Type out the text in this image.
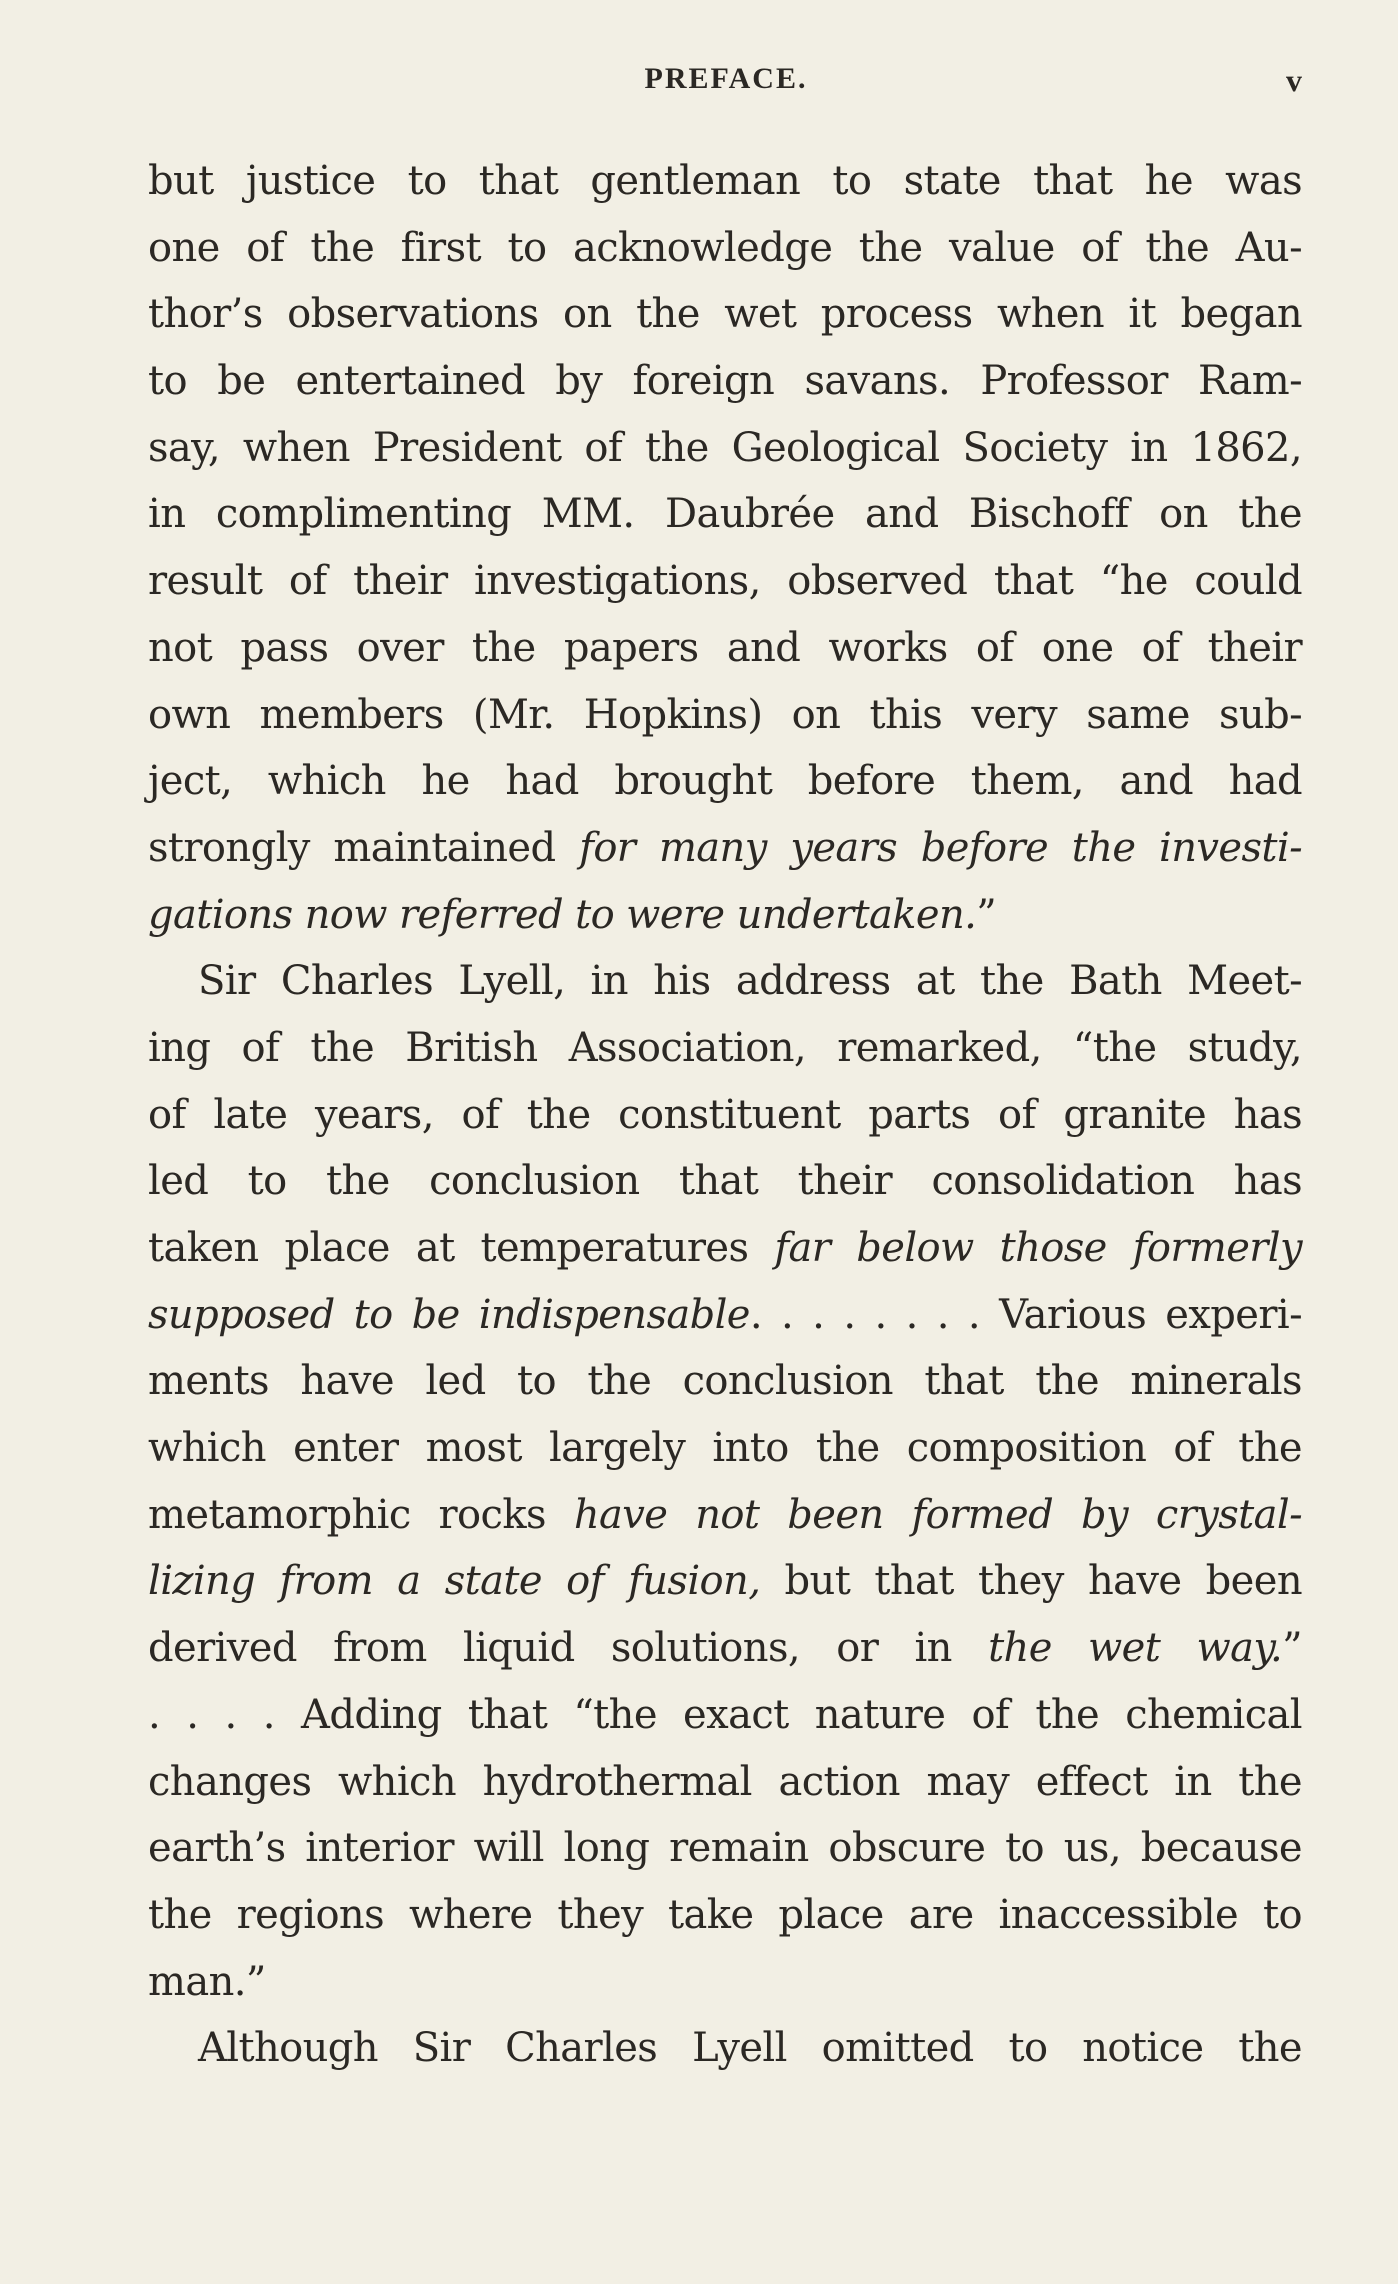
PREFACE.	v
but justice to that gentleman to state that he was
one of the first to acknowledge the value of the Au-
thor’s observations on the wet process when it began
to be entertained by foreign savans. Professor Ram-
say, when President of the Geological Society in 1862,
in complimenting MM. Daubrée and Bischoff on the
result of their investigations, observed that “he could
not pass over the papers and works of one of their
own members (Mr. Hopkins) on this very same sub-
ject, which he had brought before them, and had
strongly maintained for many years before the investi-
gations now referred to were undertaken.”
Sir Charles Lyell, in his address at the Bath Meet-
ing of the British Association, remarked, “the study,
of late years, of the constituent parts of granite has
led to the conclusion that their consolidation has
taken place at temperatures far below those formerly
supposed to be indispensable. . . . . . . . Various experi-
ments have led to the conclusion that the minerals
which enter most largely into the composition of the
metamorphic rocks have not been formed by crystal-
lizing from a state of fusion, but that they have been
derived from liquid solutions, or in the wet way.”
. . . . Adding that “the exact nature of the chemical
changes which hydrothermal action may effect in the
earth’s interior will long remain obscure to us, because
the regions where they take place are inaccessible to
man.”
Although Sir Charles Lyell omitted to notice the
